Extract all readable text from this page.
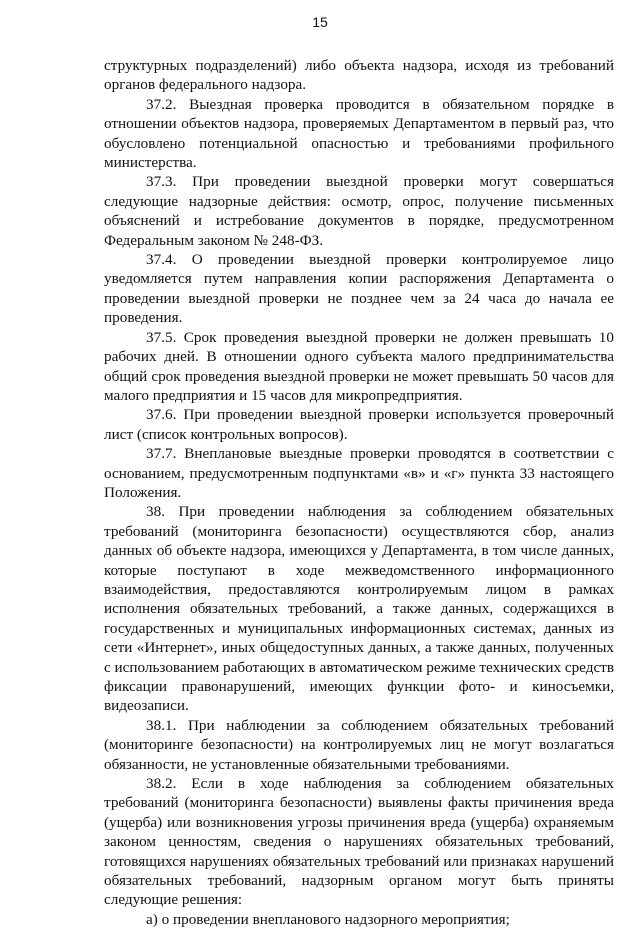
15

структурных подразделений) либо объекта надзора, исходя из требований органов федерального надзора.

37.2. Выездная проверка проводится в обязательном порядке в отношении объектов надзора, проверяемых Департаментом в первый раз, что обусловлено потенциальной опасностью и требованиями профильного министерства.

37.3. При проведении выездной проверки могут совершаться следующие надзорные действия: осмотр, опрос, получение письменных объяснений и истребование документов в порядке, предусмотренном Федеральным законом № 248-ФЗ.

37.4. О проведении выездной проверки контролируемое лицо уведомляется путем направления копии распоряжения Департамента о проведении выездной проверки не позднее чем за 24 часа до начала ее проведения.

37.5. Срок проведения выездной проверки не должен превышать 10 рабочих дней. В отношении одного субъекта малого предпринимательства общий срок проведения выездной проверки не может превышать 50 часов для малого предприятия и 15 часов для микропредприятия.

37.6. При проведении выездной проверки используется проверочный лист (список контрольных вопросов).

37.7. Внеплановые выездные проверки проводятся в соответствии с основанием, предусмотренным подпунктами «в» и «г» пункта 33 настоящего Положения.

38. При проведении наблюдения за соблюдением обязательных требований (мониторинга безопасности) осуществляются сбор, анализ данных об объекте надзора, имеющихся у Департамента, в том числе данных, которые поступают в ходе межведомственного информационного взаимодействия, предоставляются контролируемым лицом в рамках исполнения обязательных требований, а также данных, содержащихся в государственных и муниципальных информационных системах, данных из сети «Интернет», иных общедоступных данных, а также данных, полученных с использованием работающих в автоматическом режиме технических средств фиксации правонарушений, имеющих функции фото- и киносъемки, видеозаписи.

38.1. При наблюдении за соблюдением обязательных требований (мониторинге безопасности) на контролируемых лиц не могут возлагаться обязанности, не установленные обязательными требованиями.

38.2. Если в ходе наблюдения за соблюдением обязательных требований (мониторинга безопасности) выявлены факты причинения вреда (ущерба) или возникновения угрозы причинения вреда (ущерба) охраняемым законом ценностям, сведения о нарушениях обязательных требований, готовящихся нарушениях обязательных требований или признаках нарушений обязательных требований, надзорным органом могут быть приняты следующие решения:

а) о проведении внепланового надзорного мероприятия;
